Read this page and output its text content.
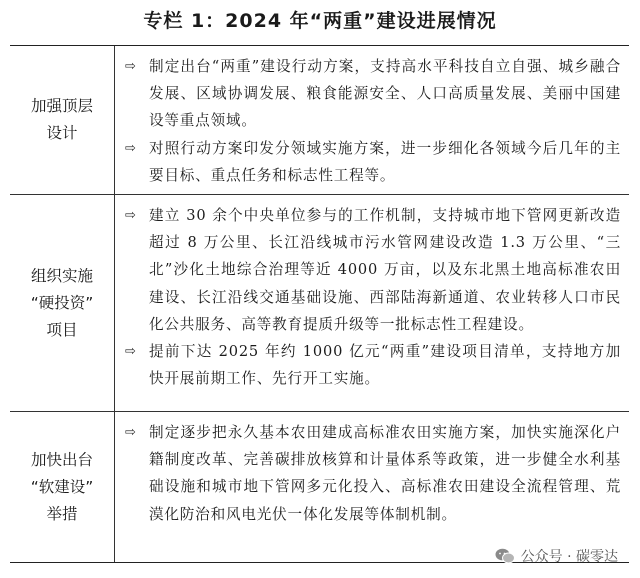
专栏 1：2024 年“两重”建设进展情况
加强顶层
设计
⇨ 制定出台“两重”建设行动方案，支持高水平科技自立自强、城乡融合发展、区域协调发展、粮食能源安全、人口高质量发展、美丽中国建设等重点领域。
⇨ 对照行动方案印发分领域实施方案，进一步细化各领域今后几年的主要目标、重点任务和标志性工程等。
组织实施
“硬投资”
项目
⇨ 建立 30 余个中央单位参与的工作机制，支持城市地下管网更新改造超过 8 万公里、长江沿线城市污水管网建设改造 1.3 万公里、“三北”沙化土地综合治理等近 4000 万亩，以及东北黑土地高标准农田建设、长江沿线交通基础设施、西部陆海新通道、农业转移人口市民化公共服务、高等教育提质升级等一批标志性工程建设。
⇨ 提前下达 2025 年约 1000 亿元“两重”建设项目清单，支持地方加快开展前期工作、先行开工实施。
加快出台
“软建设”
举措
⇨ 制定逐步把永久基本农田建成高标准农田实施方案，加快实施深化户籍制度改革、完善碳排放核算和计量体系等政策，进一步健全水利基础设施和城市地下管网多元化投入、高标准农田建设全流程管理、荒漠化防治和风电光伏一体化发展等体制机制。
公众号 · 碳零达
